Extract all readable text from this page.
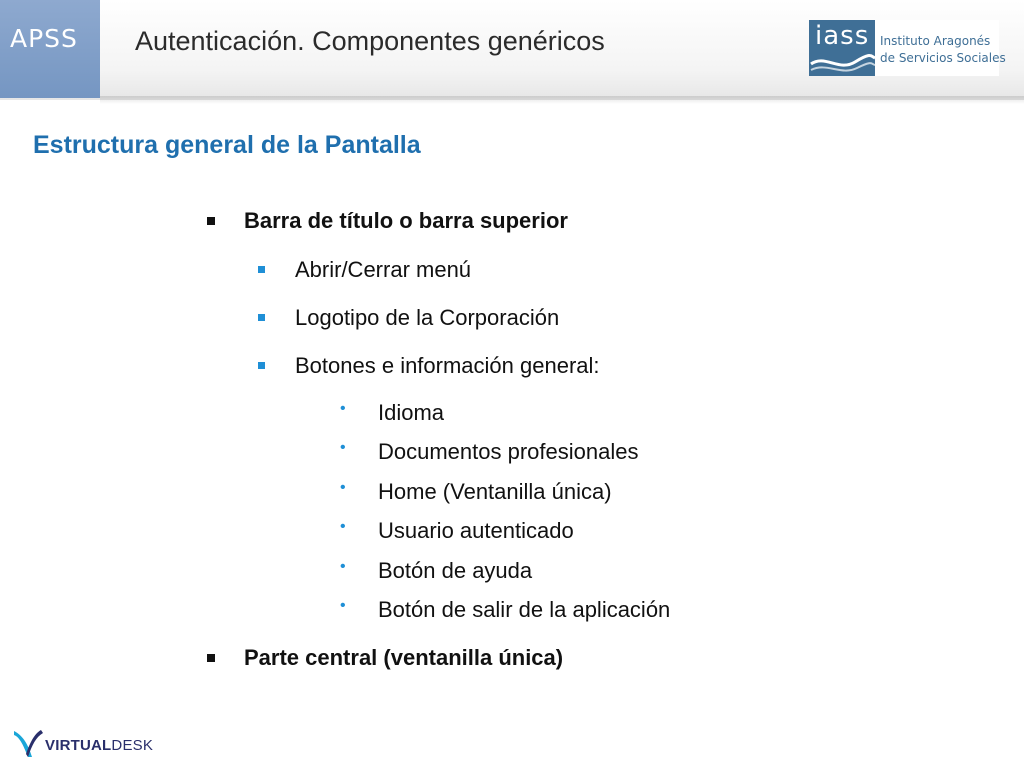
APSS Autenticación. Componentes genéricos	iass Instituto Aragonés
de Servicios Sociales
Estructura general de la Pantalla
Barra de título o barra superior
Abrir/Cerrar menú
Logotipo de la Corporación
Botones e información general:
• Idioma
• Documentos profesionales
• Home (Ventanilla única)
• Usuario autenticado
• Botón de ayuda
• Botón de salir de la aplicación
Parte central (ventanilla única)
VIRTUALDESK
